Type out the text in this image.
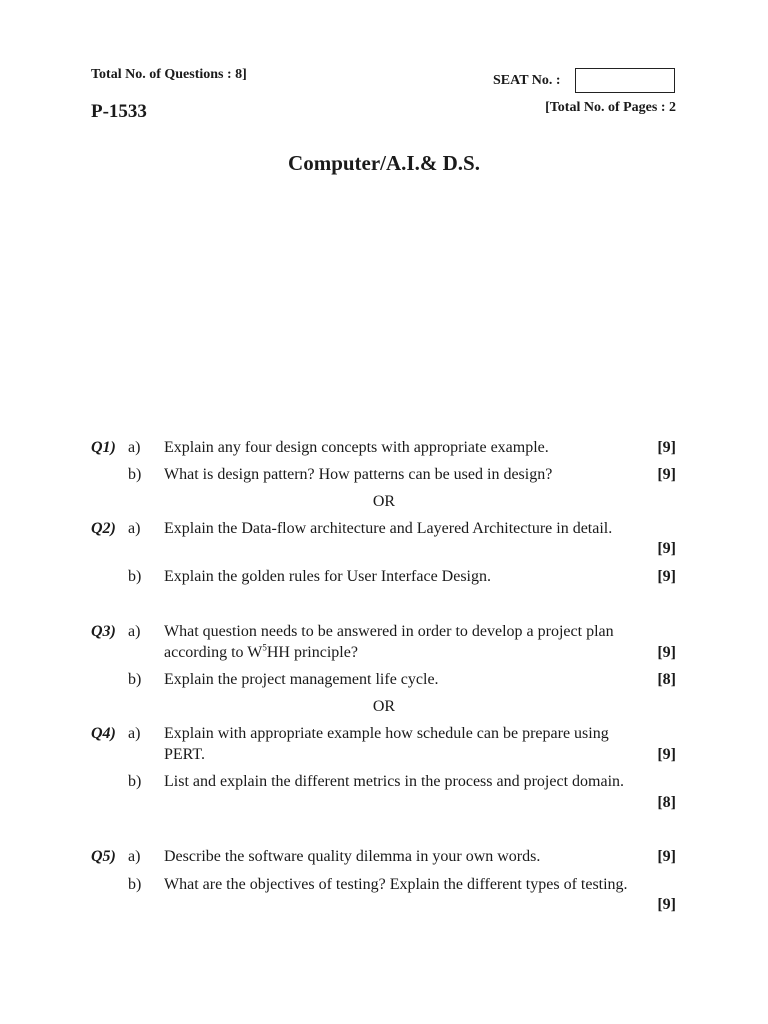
Total No. of Questions : 8]
P-1533
SEAT No. :
[Total No. of Pages : 2
Computer/A.I.& D.S.
Q1) a) Explain any four design concepts with appropriate example.	[9]
b) What is design pattern? How patterns can be used in design?	[9]
OR
Q2) a) Explain the Data-flow architecture and Layered Architecture in detail.
[9]
b) Explain the golden rules for User Interface Design.	[9]
Q3) a) What question needs to be answered in order to develop a project plan
according to $W^5HH$ principle?	[9]
b) Explain the project management life cycle.	[8]
OR
Q4) a) Explain with appropriate example how schedule can be prepare using
PERT.	[9]
b) List and explain the different metrics in the process and project domain.
[8]
Q5) a) Describe the software quality dilemma in your own words.	[9]
b) What are the objectives of testing? Explain the different types of testing.
[9]
